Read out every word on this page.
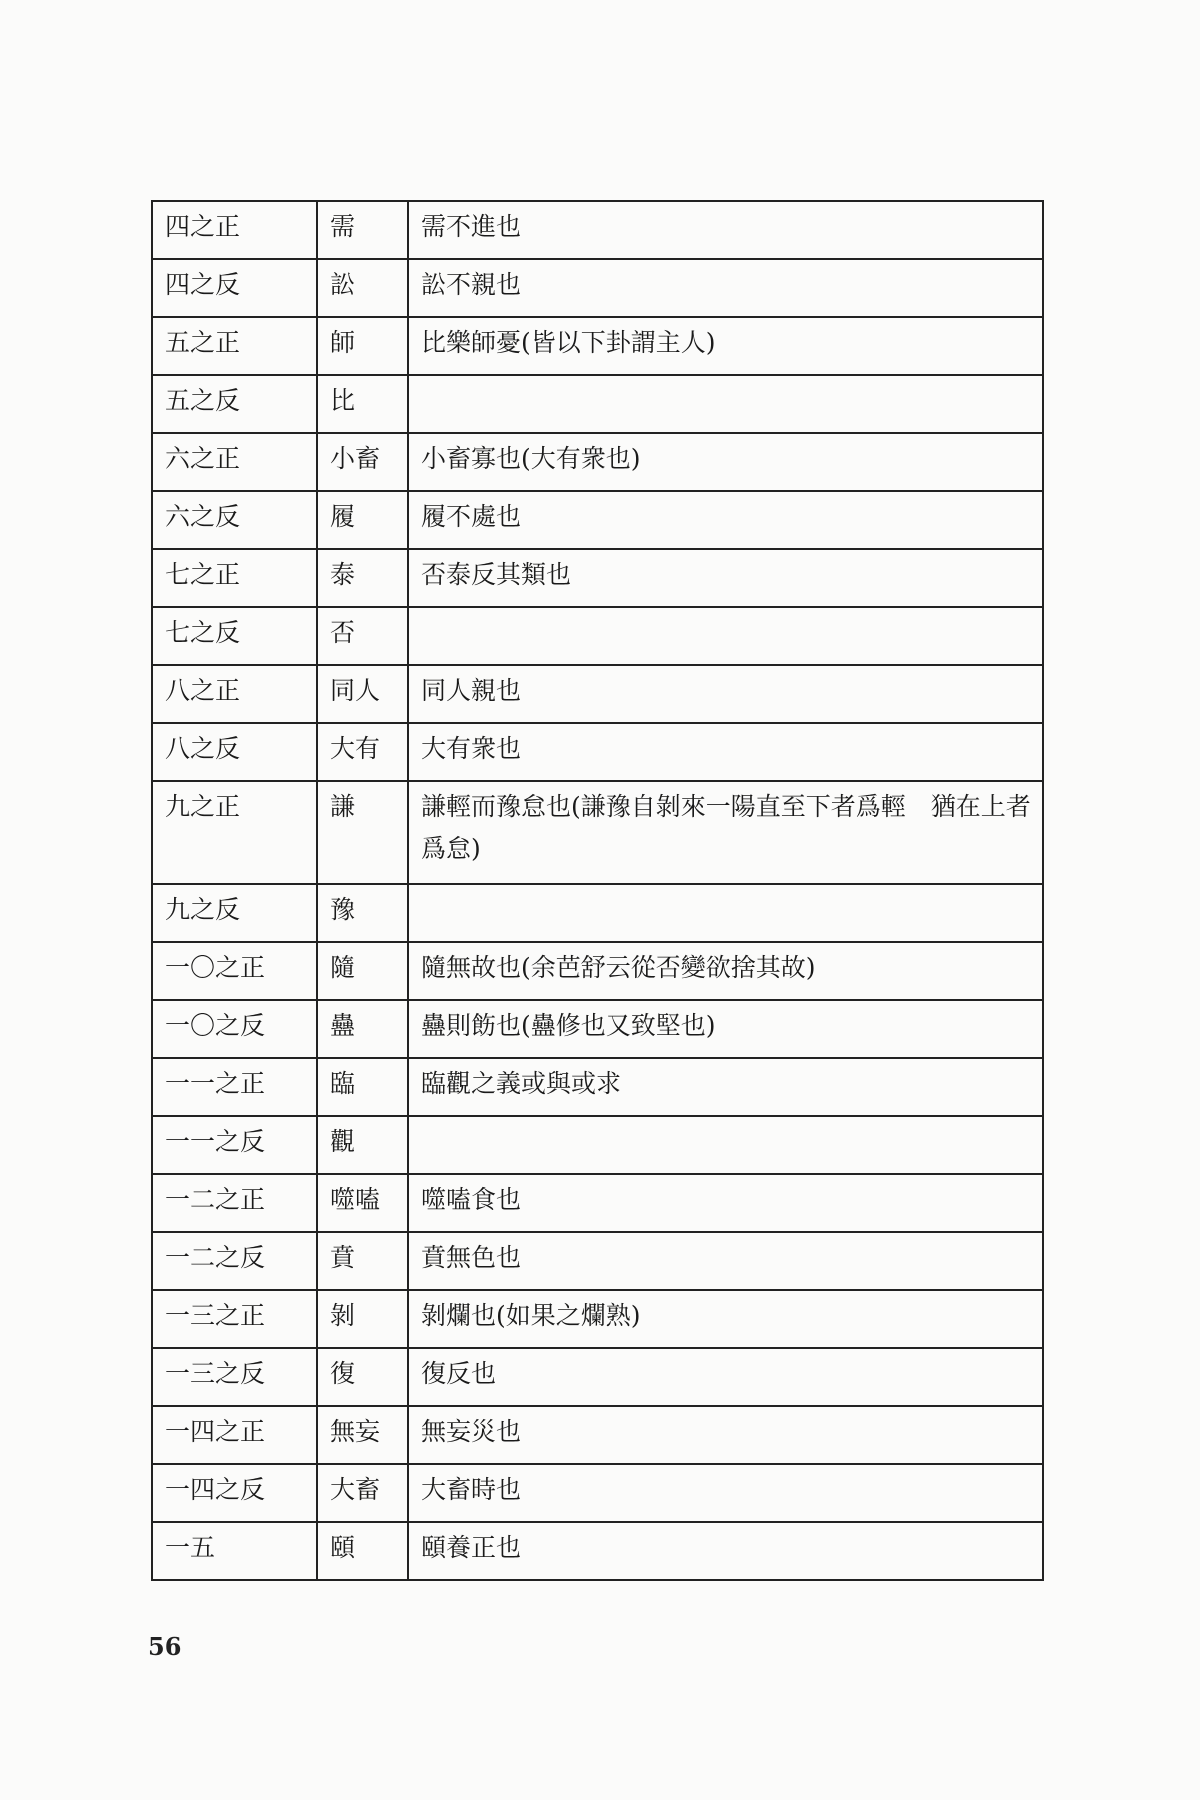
四之正	需	需不進也
四之反	訟	訟不親也
五之正	師	比樂師憂(皆以下卦謂主人)
五之反	比	
六之正	小畜	小畜寡也(大有衆也)
六之反	履	履不處也
七之正	泰	否泰反其類也
七之反	否	
八之正	同人	同人親也
八之反	大有	大有衆也
九之正	謙	謙輕而豫怠也(謙豫自剝來一陽直至下者爲輕　猶在上者爲怠)
九之反	豫	
一〇之正	隨	隨無故也(余芭舒云從否變欲捨其故)
一〇之反	蠱	蠱則飭也(蠱修也又致堅也)
一一之正	臨	臨觀之義或與或求
一一之反	觀	
一二之正	噬嗑	噬嗑食也
一二之反	賁	賁無色也
一三之正	剝	剝爛也(如果之爛熟)
一三之反	復	復反也
一四之正	無妄	無妄災也
一四之反	大畜	大畜時也
一五	頤	頤養正也
56
